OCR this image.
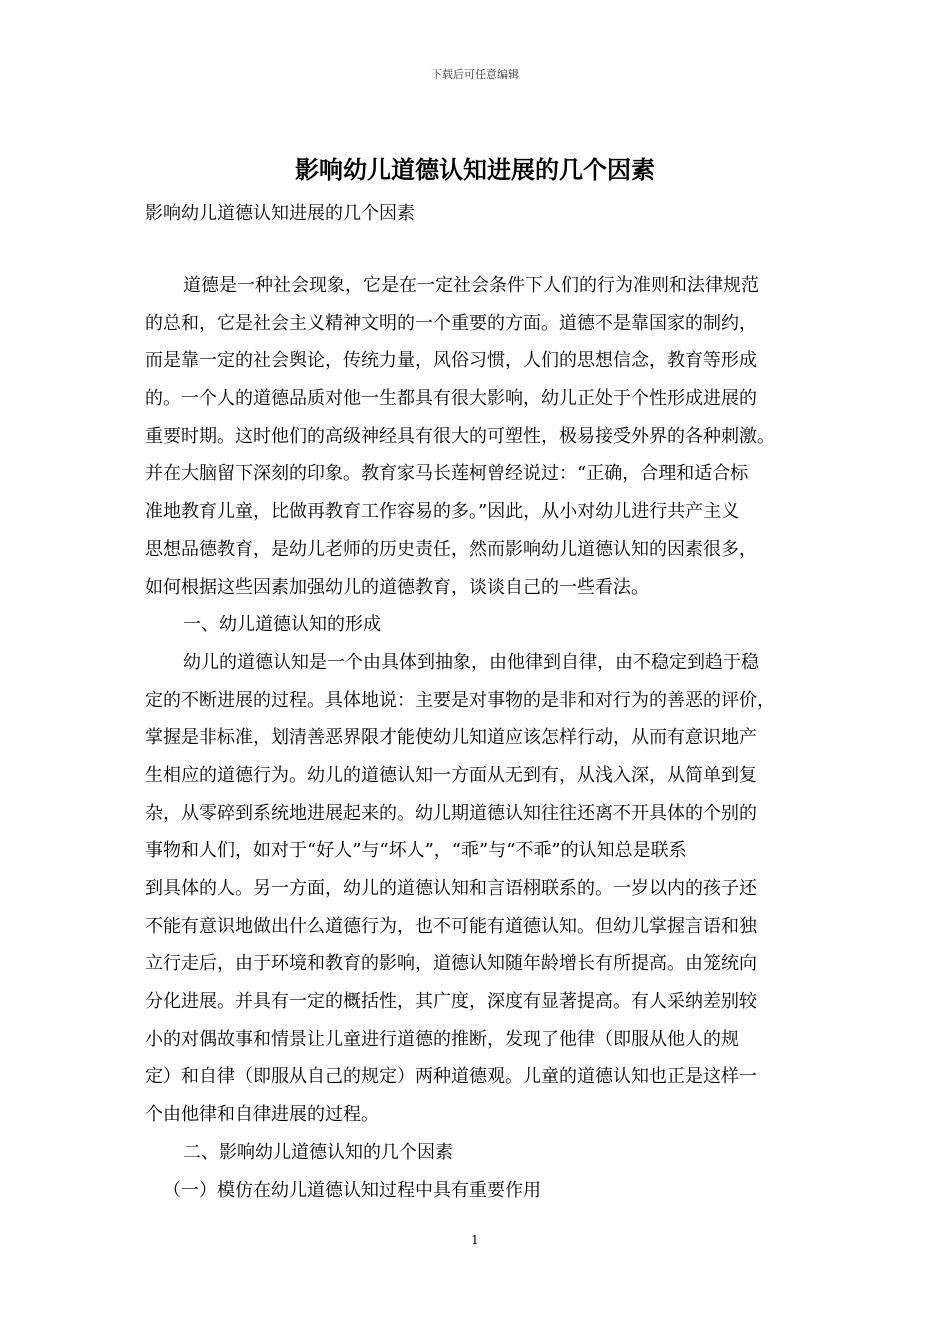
下载后可任意编辑
影响幼儿道德认知进展的几个因素
影响幼儿道德认知进展的几个因素
道德是一种社会现象，它是在一定社会条件下人们的行为准则和法律规范
的总和，它是社会主义精神文明的一个重要的方面。道德不是靠国家的制约，
而是靠一定的社会舆论，传统力量，风俗习惯，人们的思想信念，教育等形成
的。一个人的道德品质对他一生都具有很大影响，幼儿正处于个性形成进展的
重要时期。这时他们的高级神经具有很大的可塑性，极易接受外界的各种刺激。
并在大脑留下深刻的印象。教育家马长莲柯曾经说过：“正确，合理和适合标
准地教育儿童，比做再教育工作容易的多。”因此，从小对幼儿进行共产主义
思想品德教育，是幼儿老师的历史责任，然而影响幼儿道德认知的因素很多，
如何根据这些因素加强幼儿的道德教育，谈谈自己的一些看法。
一、幼儿道德认知的形成
幼儿的道德认知是一个由具体到抽象，由他律到自律，由不稳定到趋于稳
定的不断进展的过程。具体地说：主要是对事物的是非和对行为的善恶的评价，
掌握是非标准，划清善恶界限才能使幼儿知道应该怎样行动，从而有意识地产
生相应的道德行为。幼儿的道德认知一方面从无到有，从浅入深，从简单到复
杂，从零碎到系统地进展起来的。幼儿期道德认知往往还离不开具体的个别的
事物和人们，如对于“好人”与“坏人”，“乖”与“不乖”的认知总是联系
到具体的人。另一方面，幼儿的道德认知和言语栩联系的。一岁以内的孩子还
不能有意识地做出什么道德行为，也不可能有道德认知。但幼儿掌握言语和独
立行走后，由于环境和教育的影响，道德认知随年龄增长有所提高。由笼统向
分化进展。并具有一定的概括性，其广度，深度有显著提高。有人采纳差别较
小的对偶故事和情景让儿童进行道德的推断，发现了他律（即服从他人的规
定）和自律（即服从自己的规定）两种道德观。儿童的道德认知也正是这样一
个由他律和自律进展的过程。
二、影响幼儿道德认知的几个因素
（一）模仿在幼儿道德认知过程中具有重要作用
1
